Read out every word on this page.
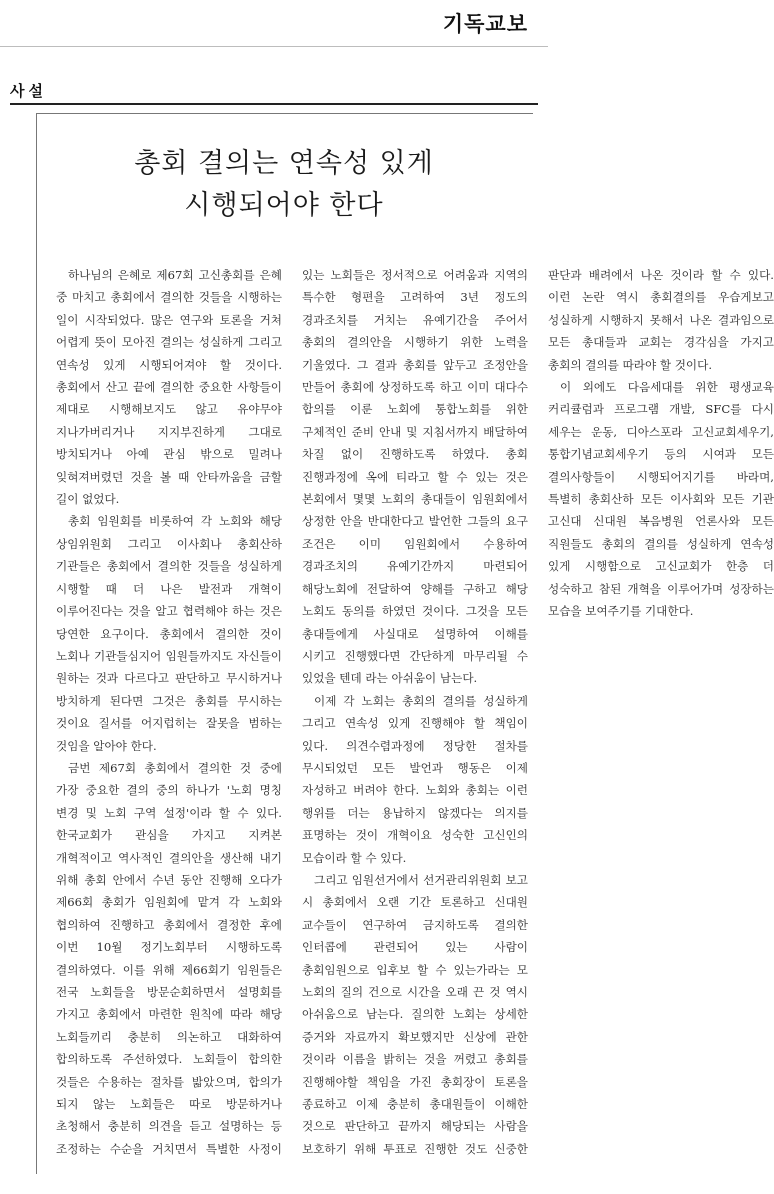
기독교보
사설
총회 결의는 연속성 있게
시행되어야 한다

하나님의 은혜로 제67회 고신총회를 은혜 중 마치고 총회에서 결의한 것들을 시행하는 일이 시작되었다. 많은 연구와 토론을 거쳐 어렵게 뜻이 모아진 결의는 성실하게 그리고 연속성 있게 시행되어져야 할 것이다. 총회에서 산고 끝에 결의한 중요한 사항들이 제대로 시행해보지도 않고 유야무야 지나가버리거나 지지부진하게 그대로 방치되거나 아예 관심 밖으로 밀려나 잊혀져버렸던 것을 볼 때 안타까움을 금할 길이 없었다.

총회 임원회를 비롯하여 각 노회와 해당 상임위원회 그리고 이사회나 총회산하 기관들은 총회에서 결의한 것들을 성실하게 시행할 때 더 나은 발전과 개혁이 이루어진다는 것을 알고 협력해야 하는 것은 당연한 요구이다. 총회에서 결의한 것이 노회나 기관들심지어 임원들까지도 자신들이 원하는 것과 다르다고 판단하고 무시하거나 방치하게 된다면 그것은 총회를 무시하는 것이요 질서를 어지럽히는 잘못을 범하는 것임을 알아야 한다.

금번 제67회 총회에서 결의한 것 중에 가장 중요한 결의 중의 하나가 '노회 명칭 변경 및 노회 구역 설정'이라 할 수 있다. 한국교회가 관심을 가지고 지켜본 개혁적이고 역사적인 결의안을 생산해 내기 위해 총회 안에서 수년 동안 진행해 오다가 제66회 총회가 임원회에 맡겨 각 노회와 협의하여 진행하고 총회에서 결정한 후에 이번 10월 정기노회부터 시행하도록 결의하였다. 이를 위해 제66회기 임원들은 전국 노회들을 방문순회하면서 설명회를 가지고 총회에서 마련한 원칙에 따라 해당 노회들끼리 충분히 의논하고 대화하여 합의하도록 주선하였다. 노회들이 합의한 것들은 수용하는 절차를 밟았으며, 합의가 되지 않는 노회들은 따로 방문하거나 초청해서 충분히 의견을 듣고 설명하는 등 조정하는 수순을 거치면서 특별한 사정이 있는 노회들은 정서적으로 어려움과 지역의 특수한 형편을 고려하여 3년 정도의 경과조치를 거치는 유예기간을 주어서 총회의 결의안을 시행하기 위한 노력을 기울였다. 그 결과 총회를 앞두고 조정안을 만들어 총회에 상정하도록 하고 이미 대다수 합의를 이룬 노회에 통합노회를 위한 구체적인 준비 안내 및 지침서까지 배달하여 차질 없이 진행하도록 하였다. 총회 진행과정에 옥에 티라고 할 수 있는 것은 본회에서 몇몇 노회의 총대들이 임원회에서 상정한 안을 반대한다고 발언한 그들의 요구 조건은 이미 임원회에서 수용하여 경과조치의 유예기간까지 마련되어 해당노회에 전달하여 양해를 구하고 해당 노회도 동의를 하였던 것이다. 그것을 모든 총대들에게 사실대로 설명하여 이해를 시키고 진행했다면 간단하게 마무리될 수 있었을 텐데 라는 아쉬움이 남는다.

이제 각 노회는 총회의 결의를 성실하게 그리고 연속성 있게 진행해야 할 책임이 있다. 의견수렴과정에 정당한 절차를 무시되었던 모든 발언과 행동은 이제 자성하고 버려야 한다. 노회와 총회는 이런 행위를 더는 용납하지 않겠다는 의지를 표명하는 것이 개혁이요 성숙한 고신인의 모습이라 할 수 있다.

그리고 임원선거에서 선거관리위원회 보고 시 총회에서 오랜 기간 토론하고 신대원 교수들이 연구하여 금지하도록 결의한 인터콥에 관련되어 있는 사람이 총회임원으로 입후보 할 수 있는가라는 모 노회의 질의 건으로 시간을 오래 끈 것 역시 아쉬움으로 남는다. 질의한 노회는 상세한 증거와 자료까지 확보했지만 신상에 관한 것이라 이름을 밝히는 것을 꺼렸고 총회를 진행해야할 책임을 가진 총회장이 토론을 종료하고 이제 충분히 총대원들이 이해한 것으로 판단하고 끝까지 해당되는 사람을 보호하기 위해 투표로 진행한 것도 신중한 판단과 배려에서 나온 것이라 할 수 있다. 이런 논란 역시 총회결의를 우습게보고 성실하게 시행하지 못해서 나온 결과임으로 모든 총대들과 교회는 경각심을 가지고 총회의 결의를 따라야 할 것이다.

이 외에도 다음세대를 위한 평생교육 커리큘럼과 프로그램 개발, SFC를 다시 세우는 운동, 디아스포라 고신교회세우기, 통합기념교회세우기 등의 시여과 모든 결의사항들이 시행되어지기를 바라며, 특별히 총회산하 모든 이사회와 모든 기관 고신대 신대원 복음병원 언론사와 모든 직원들도 총회의 결의를 성실하게 연속성 있게 시행함으로 고신교회가 한층 더 성숙하고 참된 개혁을 이루어가며 성장하는 모습을 보여주기를 기대한다.
